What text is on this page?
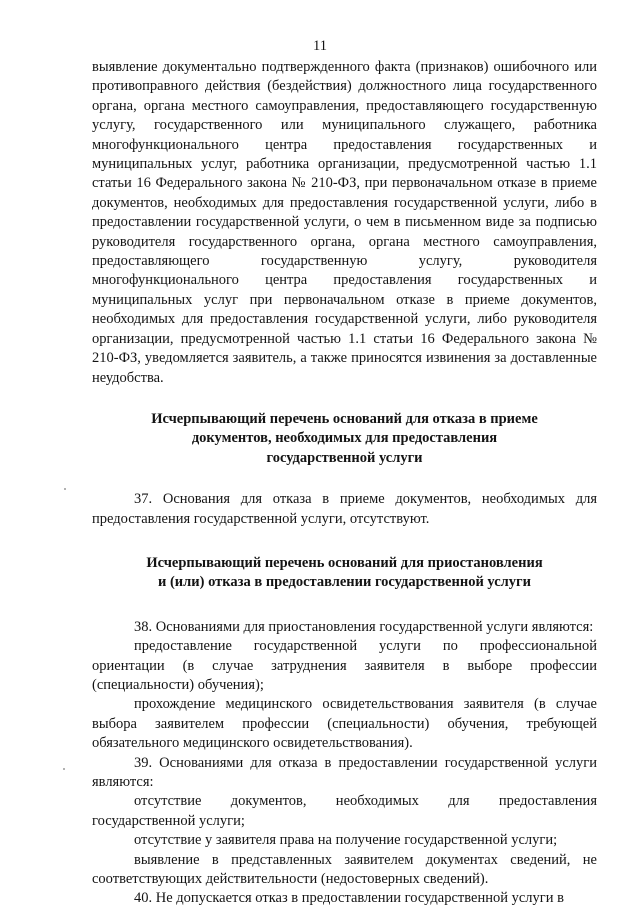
11

выявление документально подтвержденного факта (признаков) ошибочного или противоправного действия (бездействия) должностного лица государственного органа, органа местного самоуправления, предоставляющего государственную услугу, государственного или муниципального служащего, работника многофункционального центра предоставления государственных и муниципальных услуг, работника организации, предусмотренной частью 1.1 статьи 16 Федерального закона № 210-ФЗ, при первоначальном отказе в приеме документов, необходимых для предоставления государственной услуги, либо в предоставлении государственной услуги, о чем в письменном виде за подписью руководителя государственного органа, органа местного самоуправления, предоставляющего государственную услугу, руководителя многофункционального центра предоставления государственных и муниципальных услуг при первоначальном отказе в приеме документов, необходимых для предоставления государственной услуги, либо руководителя организации, предусмотренной частью 1.1 статьи 16 Федерального закона № 210-ФЗ, уведомляется заявитель, а также приносятся извинения за доставленные неудобства.

Исчерпывающий перечень оснований для отказа в приеме
документов, необходимых для предоставления
государственной услуги

37. Основания для отказа в приеме документов, необходимых для предоставления государственной услуги, отсутствуют.

Исчерпывающий перечень оснований для приостановления
и (или) отказа в предоставлении государственной услуги

38. Основаниями для приостановления государственной услуги являются:

предоставление государственной услуги по профессиональной ориентации (в случае затруднения заявителя в выборе профессии (специальности) обучения);

прохождение медицинского освидетельствования заявителя (в случае выбора заявителем профессии (специальности) обучения, требующей обязательного медицинского освидетельствования).

39. Основаниями для отказа в предоставлении государственной услуги являются:

отсутствие документов, необходимых для предоставления государственной услуги;

отсутствие у заявителя права на получение государственной услуги;

выявление в представленных заявителем документах сведений, не соответствующих действительности (недостоверных сведений).

40. Не допускается отказ в предоставлении государственной услуги в
